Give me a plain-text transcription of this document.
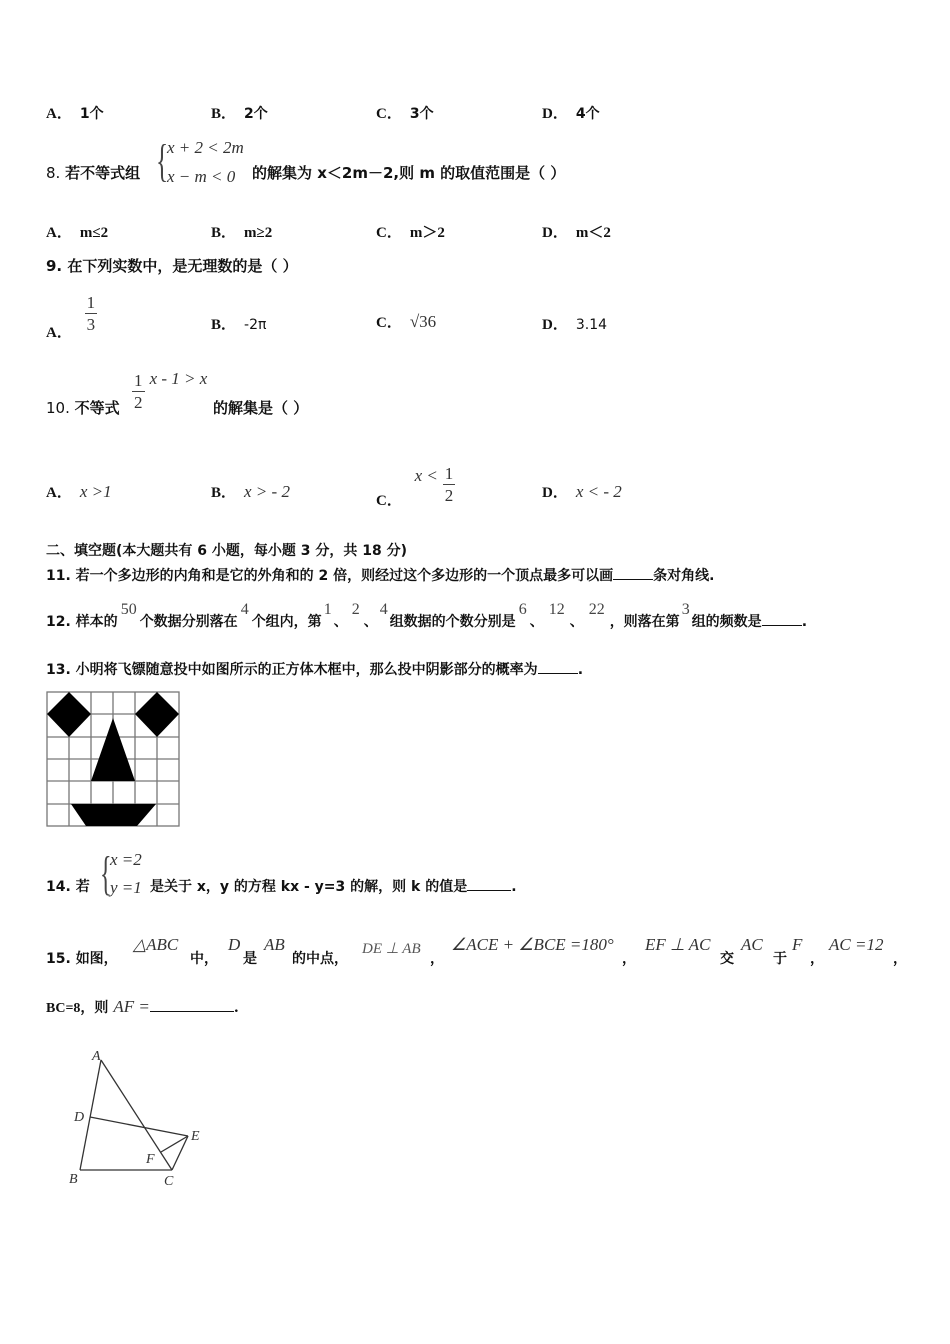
A． 1个	B． 2个	C． 3个	D． 4个
8. 若不等式组 {
x + 2 < 2m
x − m < 0 的解集为 x＜2m－2,则 m 的取值范围是（ ）
A． m≤2	B． m≥2	C． m＞2	D． m＜2
9. 在下列实数中，是无理数的是（ ）
A． $\frac{1}{3}$	B． -2π	C． √36	D． 3.14
10. 不等式 $\frac{1}{2}$ x - 1 > x
的解集是（ ）
A． x >1	B． x > - 2	C． $x < \frac{1}{2}$	D． x < - 2
二、填空题(本大题共有 6 小题，每小题 3 分，共 18 分)
11. 若一个多边形的内角和是它的外角和的 2 倍，则经过这个多边形的一个顶点最多可以画	条对角线.
12. 样本的50个数据分别落在4个组内，第1、2、4组数据的个数分别是6、12、22，则落在第3组的频数是	.
13. 小明将飞镖随意投中如图所示的正方体木框中，那么投中阴影部分的概率为	.
14. 若 {
x =2
y =1 是关于 x，y 的方程 kx - y=3 的解，则 k 的值是	.
15. 如图，
△ABC
中，
D
是
AB
的中点，
DE ⊥ AB
，
∠ACE + ∠BCE =180°
，
EF ⊥ AC
交
AC
于
F
，
AC =12
，
BC=8，则 AF =	.
A
D
B	C
E
F
